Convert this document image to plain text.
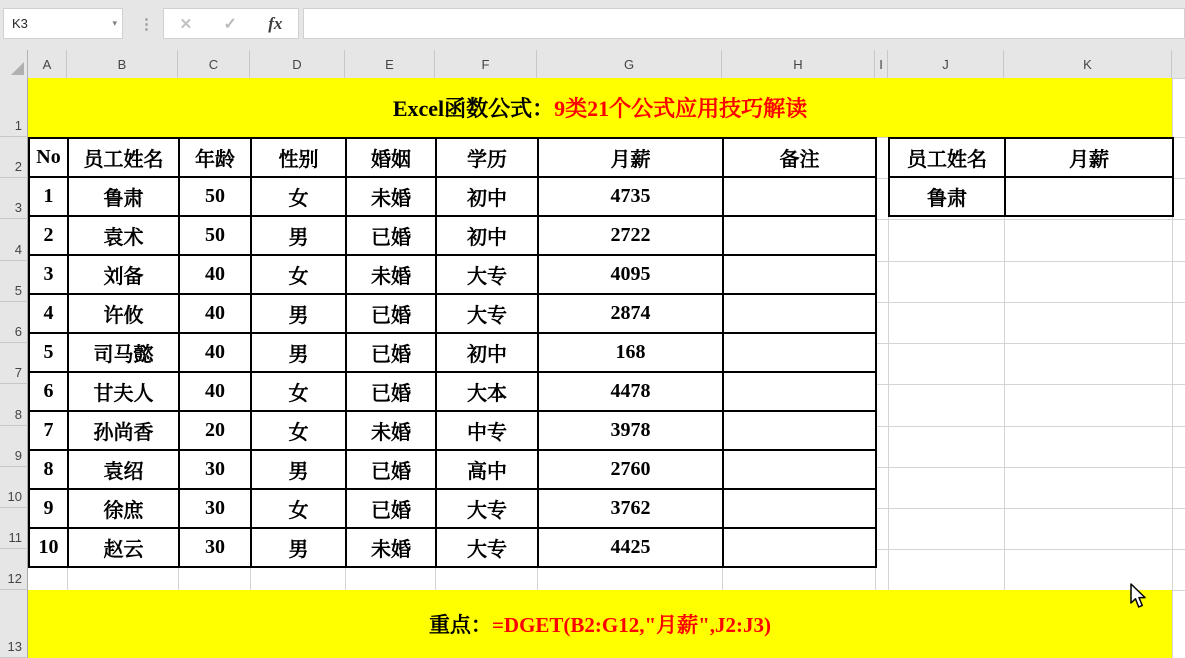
K3	▾ ⋮ ✕ ✓ fx
A	B	C	D	E	F	G	H	I	J	K
1
2
3
4
5
6
7
8
9
10
11
12
13
Excel函数公式： 9类21个公式应用技巧解读
No	员工姓名	年龄	性别	婚姻	学历	月薪	备注
1	鲁肃	50	女	未婚	初中	4735	
2	袁术	50	男	已婚	初中	2722	
3	刘备	40	女	未婚	大专	4095	
4	许攸	40	男	已婚	大专	2874	
5	司马懿	40	男	已婚	初中	168	
6	甘夫人	40	女	已婚	大本	4478	
7	孙尚香	20	女	未婚	中专	3978	
8	袁绍	30	男	已婚	高中	2760	
9	徐庶	30	女	已婚	大专	3762	
10	赵云	30	男	未婚	大专	4425	
员工姓名	月薪
鲁肃	
重点： =DGET(B2:G12,"月薪",J2:J3)
